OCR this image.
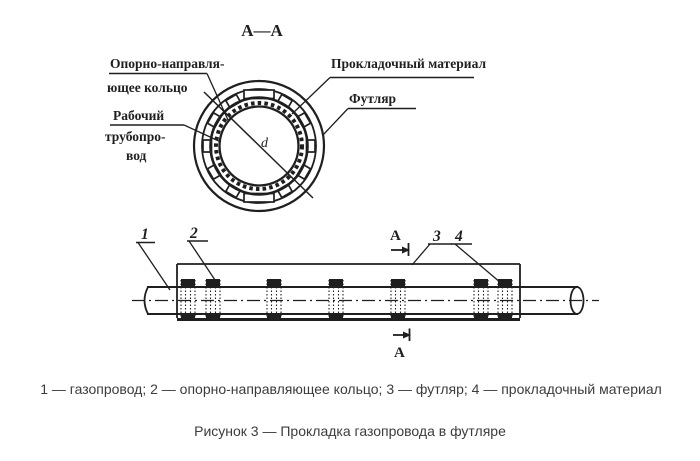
А—А
d
Опорно-направля-
ющее кольцо
Рабочий
трубопро-
вод
Прокладочный материал
Футляр
1	2	3 4
А
А
1 — газопровод; 2 — опорно-направляющее кольцо; 3 — футляр; 4 — прокладочный материал
Рисунок 3 — Прокладка газопровода в футляре
